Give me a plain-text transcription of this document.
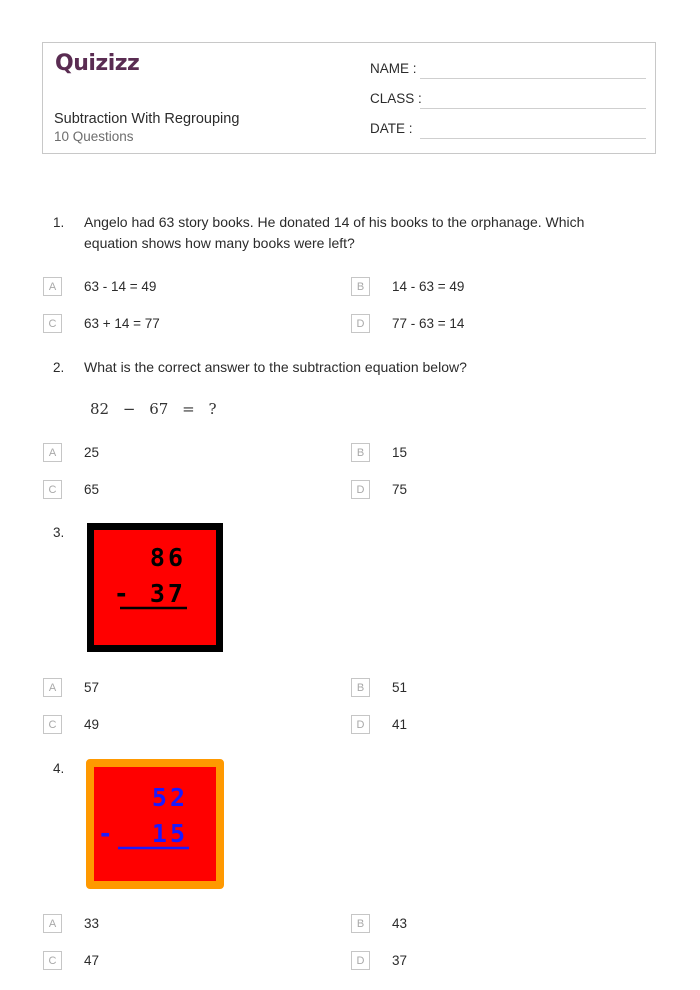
Quizizz
Subtraction With Regrouping
10 Questions
NAME :
CLASS :
DATE :
1. Angelo had 63 story books. He donated 14 of his books to the orphanage. Which equation shows how many books were left?
A	63 - 14 = 49	B	14 - 63 = 49
C	63 + 14 = 77	D	77 - 63 = 14
2. What is the correct answer to the subtraction equation below?
82 − 67 = ?
A	25	B	15
C	65	D	75
3.
86
- 37
A	57	B	51
C	49	D	41
4.
52
-  15
A	33	B	43
C	47	D	37
